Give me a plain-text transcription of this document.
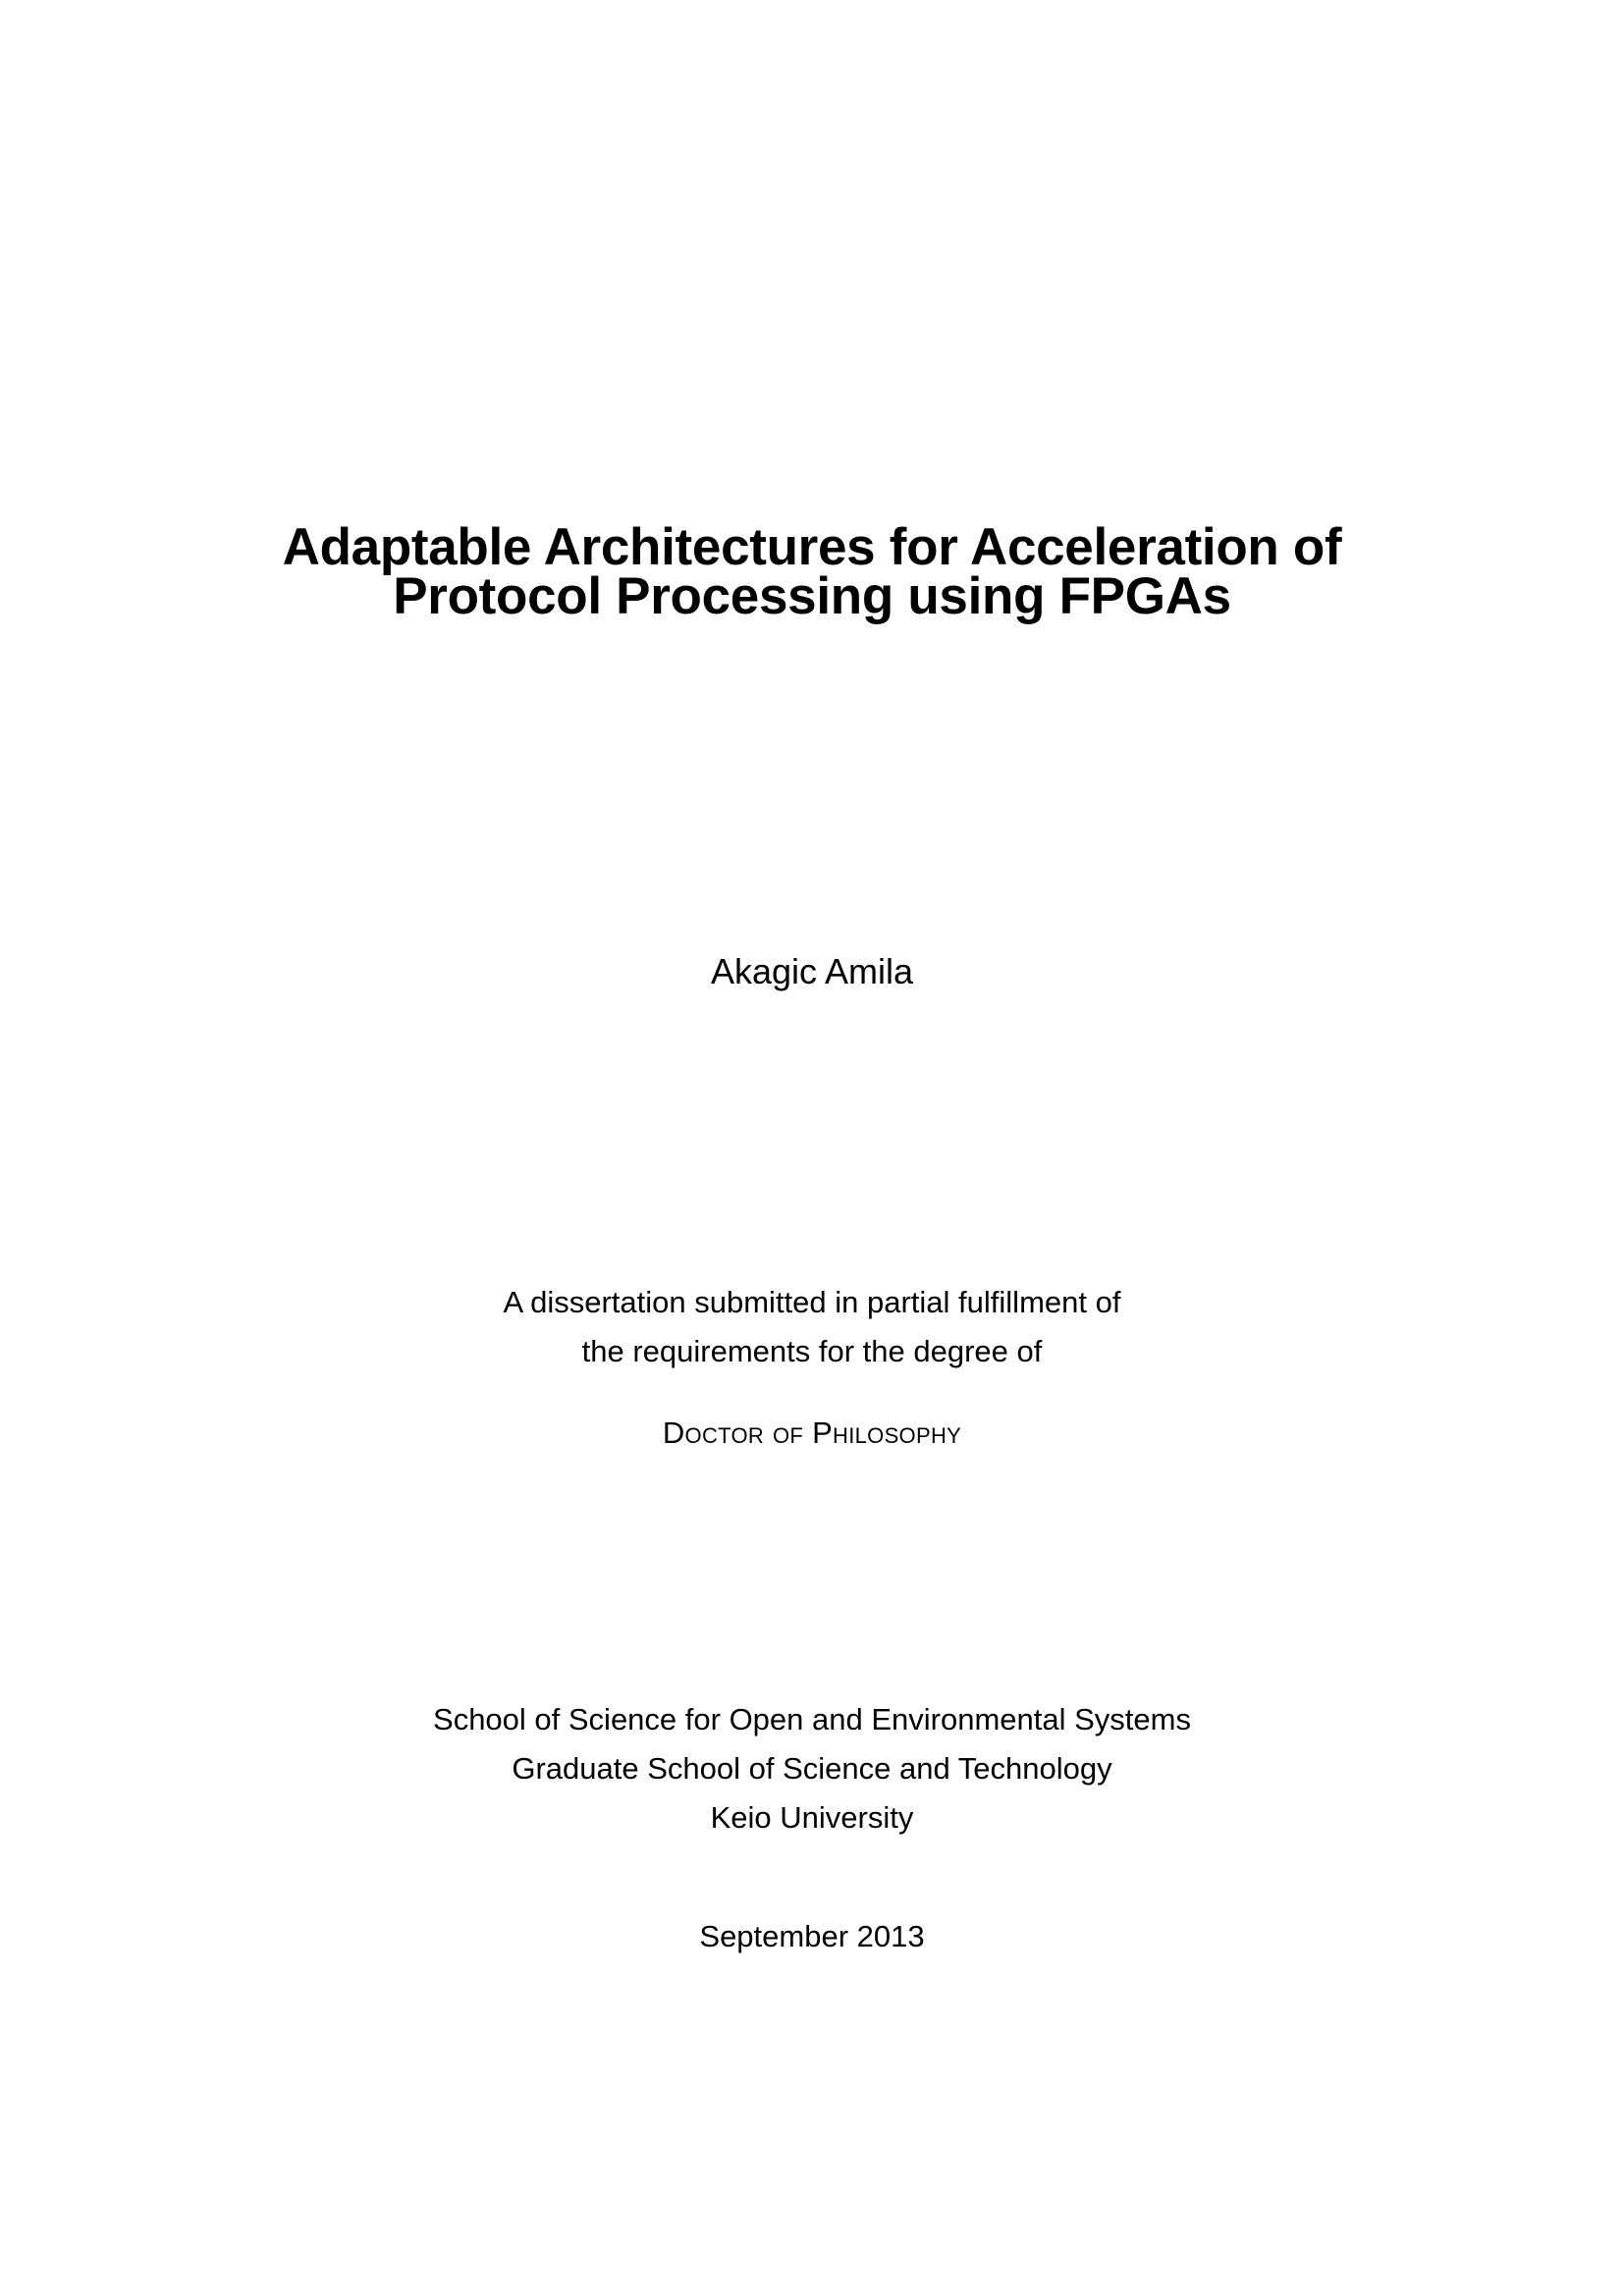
Adaptable Architectures for Acceleration of
Protocol Processing using FPGAs
Akagic Amila
A dissertation submitted in partial fulfillment of
the requirements for the degree of
Doctor of Philosophy
School of Science for Open and Environmental Systems
Graduate School of Science and Technology
Keio University
September 2013
